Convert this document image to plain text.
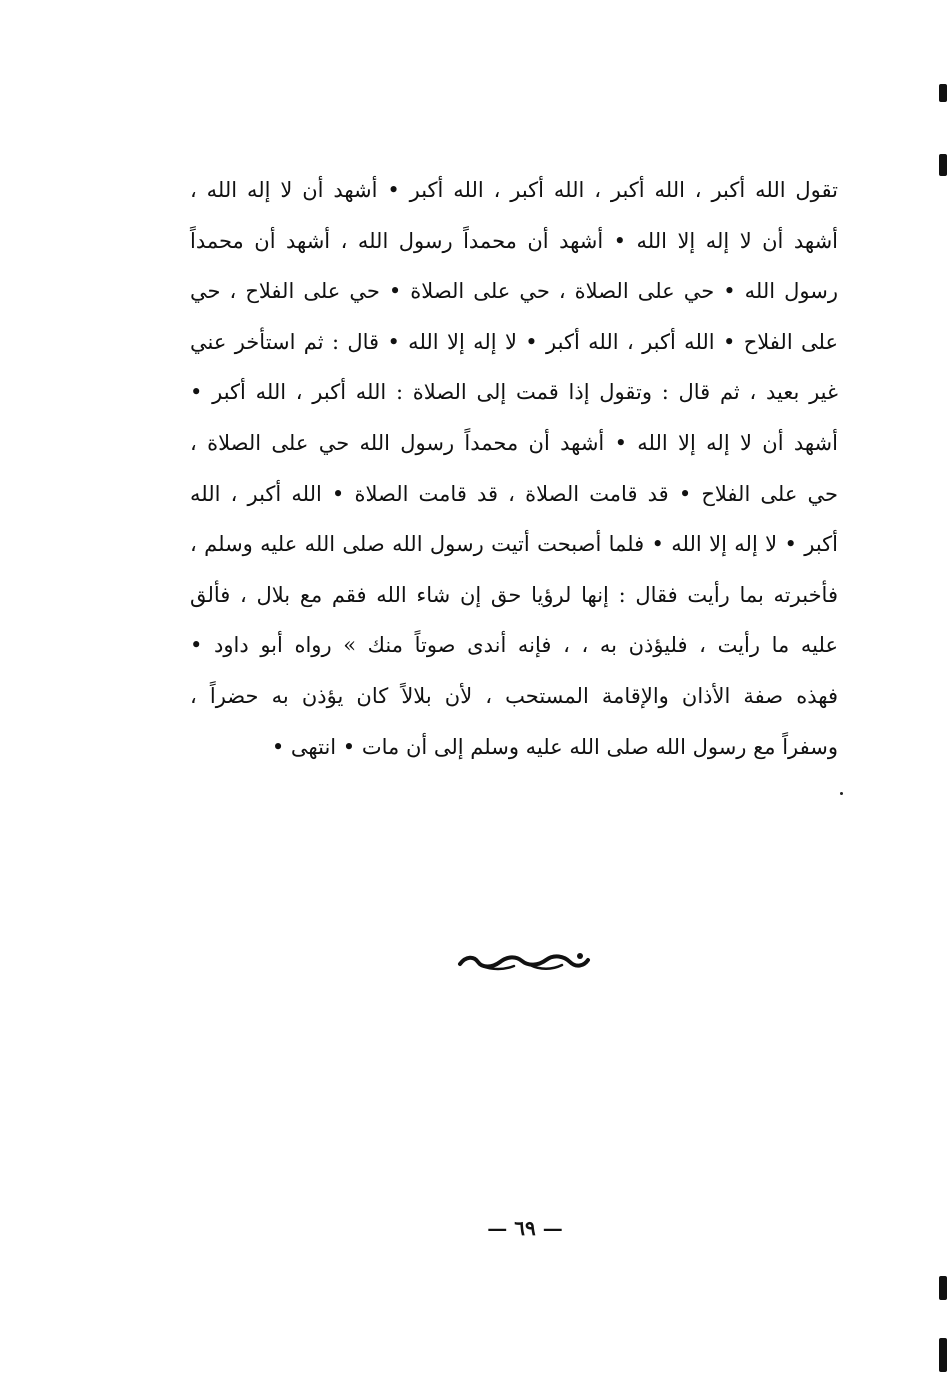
تقول الله أكبر ، الله أكبر ، الله أكبر ، الله أكبر • أشهد أن لا إله الله ،
أشهد أن لا إله إلا الله • أشهد أن محمداً رسول الله ، أشهد أن محمداً
رسول الله • حي على الصلاة ، حي على الصلاة • حي على الفلاح ، حي
على الفلاح • الله أكبر ، الله أكبر • لا إله إلا الله • قال : ثم استأخر عني
غير بعيد ، ثم قال : وتقول إذا قمت إلى الصلاة : الله أكبر ، الله أكبر •
أشهد أن لا إله إلا الله • أشهد أن محمداً رسول الله حي على الصلاة ،
حي على الفلاح • قد قامت الصلاة ، قد قامت الصلاة • الله أكبر ، الله
أكبر • لا إله إلا الله • فلما أصبحت أتيت رسول الله صلى الله عليه وسلم ،
فأخبرته بما رأيت فقال : إنها لرؤيا حق إن شاء الله فقم مع بلال ، فألق
عليه ما رأيت ، فليؤذن به ، ، فإنه أندى صوتاً منك » رواه أبو داود •
فهذه صفة الأذان والإقامة المستحب ، لأن بلالاً كان يؤذن به حضراً ،
وسفراً مع رسول الله صلى الله عليه وسلم إلى أن مات • انتهى •
— ٦٩ —
